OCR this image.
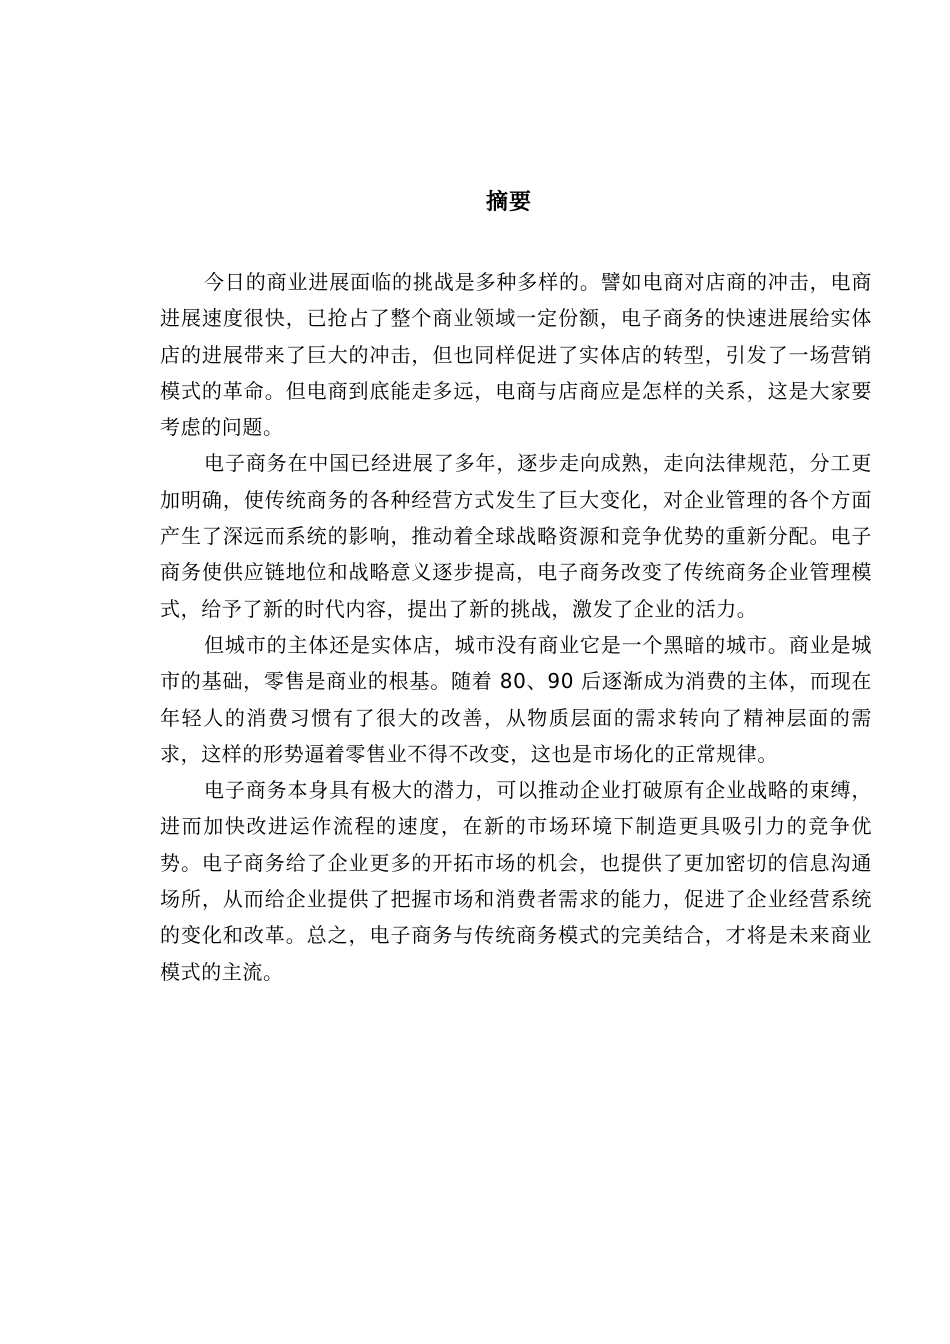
摘要

今日的商业进展面临的挑战是多种多样的。譬如电商对店商的冲击，电商进展速度很快，已抢占了整个商业领域一定份额，电子商务的快速进展给实体店的进展带来了巨大的冲击，但也同样促进了实体店的转型，引发了一场营销模式的革命。但电商到底能走多远，电商与店商应是怎样的关系，这是大家要考虑的问题。

电子商务在中国已经进展了多年，逐步走向成熟，走向法律规范，分工更加明确，使传统商务的各种经营方式发生了巨大变化，对企业管理的各个方面产生了深远而系统的影响，推动着全球战略资源和竞争优势的重新分配。电子商务使供应链地位和战略意义逐步提高，电子商务改变了传统商务企业管理模式，给予了新的时代内容，提出了新的挑战，激发了企业的活力。

但城市的主体还是实体店，城市没有商业它是一个黑暗的城市。商业是城市的基础，零售是商业的根基。随着 80、90 后逐渐成为消费的主体，而现在年轻人的消费习惯有了很大的改善，从物质层面的需求转向了精神层面的需求，这样的形势逼着零售业不得不改变，这也是市场化的正常规律。

电子商务本身具有极大的潜力，可以推动企业打破原有企业战略的束缚，进而加快改进运作流程的速度，在新的市场环境下制造更具吸引力的竞争优势。电子商务给了企业更多的开拓市场的机会，也提供了更加密切的信息沟通场所，从而给企业提供了把握市场和消费者需求的能力，促进了企业经营系统的变化和改革。总之，电子商务与传统商务模式的完美结合，才将是未来商业模式的主流。
